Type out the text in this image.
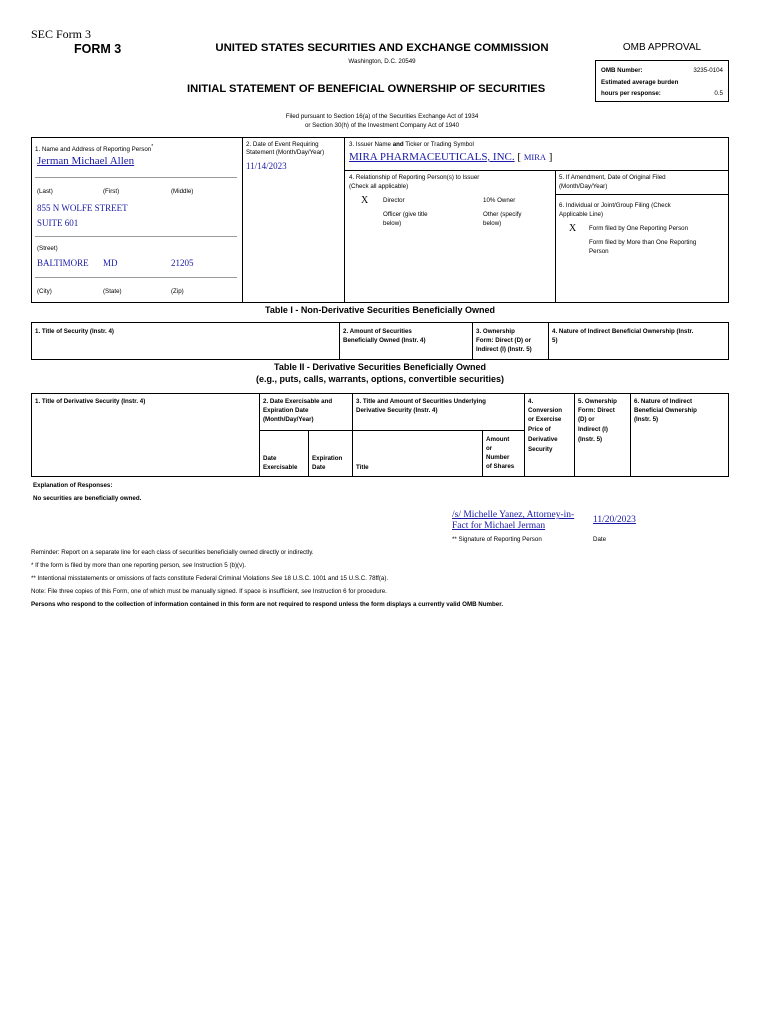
SEC Form 3
FORM 3	UNITED STATES SECURITIES AND EXCHANGE COMMISSION
Washington, D.C. 20549
INITIAL STATEMENT OF BENEFICIAL OWNERSHIP OF SECURITIES
Filed pursuant to Section 16(a) of the Securities Exchange Act of 1934
or Section 30(h) of the Investment Company Act of 1940
OMB APPROVAL
OMB Number:	3235-0104
Estimated average burden
hours per response:	0.5
1. Name and Address of Reporting Person*
Jerman Michael Allen
(Last)	(First)	(Middle)
855 N WOLFE STREET
SUITE 601
(Street)
BALTIMORE MD	21205
(City)	(State)	(Zip)
2. Date of Event Requiring Statement (Month/Day/Year)
11/14/2023
3. Issuer Name and Ticker or Trading Symbol
MIRA PHARMACEUTICALS, INC. [ MIRA ]
4. Relationship of Reporting Person(s) to Issuer
(Check all applicable)
X Director	10% Owner
Officer (give title
below)
Other (specify
below)
5. If Amendment, Date of Original Filed
(Month/Day/Year)
6. Individual or Joint/Group Filing (Check
Applicable Line)
X Form filed by One Reporting Person
Form filed by More than One Reporting
Person
Table I - Non-Derivative Securities Beneficially Owned
1. Title of Security (Instr. 4)	2. Amount of Securities
Beneficially Owned (Instr. 4)
3. Ownership
Form: Direct (D) or
Indirect (I) (Instr. 5)
4. Nature of Indirect Beneficial Ownership (Instr.
5)
Table II - Derivative Securities Beneficially Owned
(e.g., puts, calls, warrants, options, convertible securities)
1. Title of Derivative Security (Instr. 4)	2. Date Exercisable and
Expiration Date
(Month/Day/Year)
Date
Exercisable
Expiration
Date
3. Title and Amount of Securities Underlying
Derivative Security (Instr. 4)
Title
Amount
or
Number
of Shares
4.
Conversion
or Exercise
Price of
Derivative
Security
5. Ownership
Form: Direct
(D) or
Indirect (I)
(Instr. 5)
6. Nature of Indirect
Beneficial Ownership
(Instr. 5)
Explanation of Responses:
No securities are beneficially owned.
/s/ Michelle Yanez, Attorney-in-
Fact for Michael Jerman
11/20/2023
** Signature of Reporting Person	Date
Reminder: Report on a separate line for each class of securities beneficially owned directly or indirectly.
* If the form is filed by more than one reporting person, see Instruction 5 (b)(v).
** Intentional misstatements or omissions of facts constitute Federal Criminal Violations See 18 U.S.C. 1001 and 15 U.S.C. 78ff(a).
Note: File three copies of this Form, one of which must be manually signed. If space is insufficient, see Instruction 6 for procedure.
Persons who respond to the collection of information contained in this form are not required to respond unless the form displays a currently valid OMB Number.
